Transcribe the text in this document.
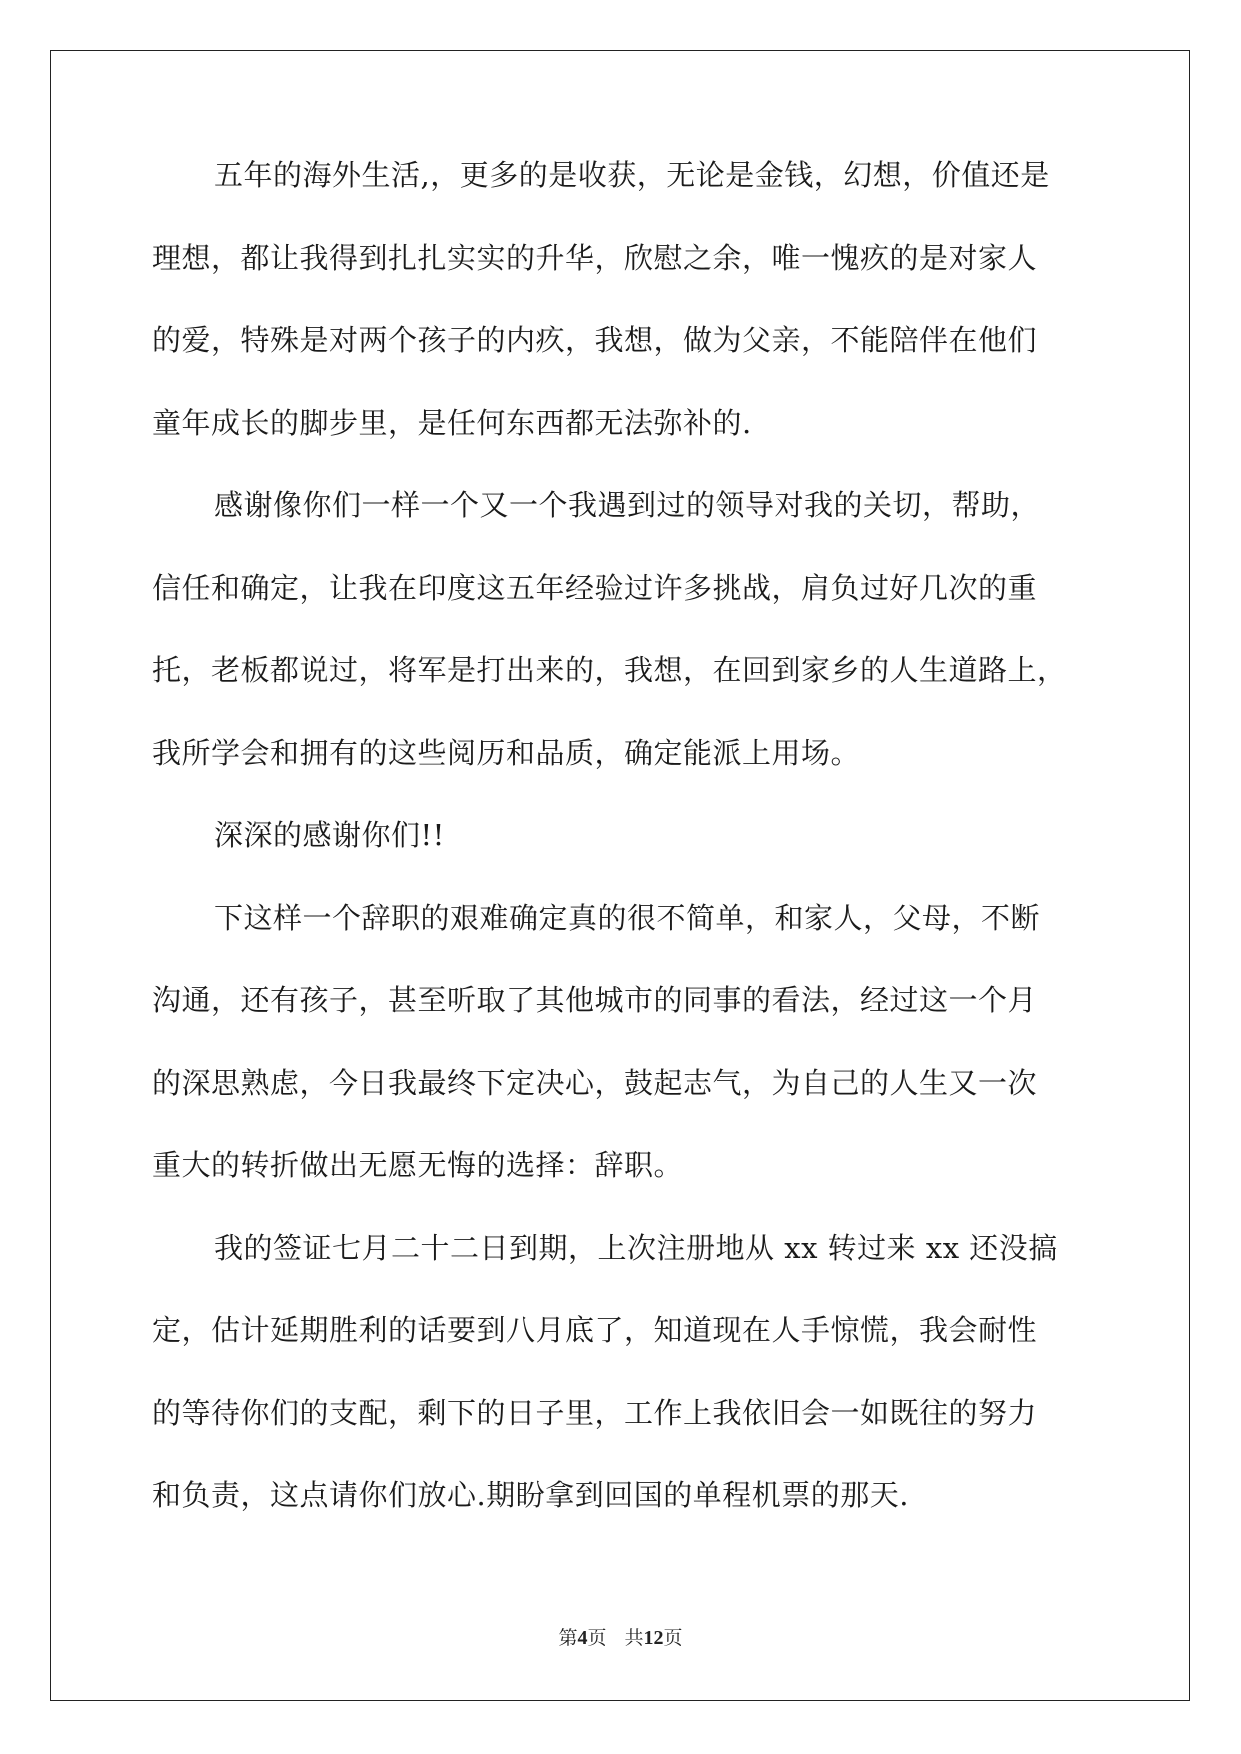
五年的海外生活,，更多的是收获，无论是金钱，幻想，价值还是
理想，都让我得到扎扎实实的升华，欣慰之余，唯一愧疚的是对家人
的爱，特殊是对两个孩子的内疚，我想，做为父亲，不能陪伴在他们
童年成长的脚步里，是任何东西都无法弥补的.
感谢像你们一样一个又一个我遇到过的领导对我的关切，帮助，
信任和确定，让我在印度这五年经验过许多挑战，肩负过好几次的重
托，老板都说过，将军是打出来的，我想，在回到家乡的人生道路上，
我所学会和拥有的这些阅历和品质，确定能派上用场。
深深的感谢你们!!
下这样一个辞职的艰难确定真的很不简单，和家人，父母，不断
沟通，还有孩子，甚至听取了其他城市的同事的看法，经过这一个月
的深思熟虑，今日我最终下定决心，鼓起志气，为自己的人生又一次
重大的转折做出无愿无悔的选择：辞职。
我的签证七月二十二日到期，上次注册地从 xx 转过来 xx 还没搞
定，估计延期胜利的话要到八月底了，知道现在人手惊慌，我会耐性
的等待你们的支配，剩下的日子里，工作上我依旧会一如既往的努力
和负责，这点请你们放心.期盼拿到回国的单程机票的那天.
第4页 共12页
